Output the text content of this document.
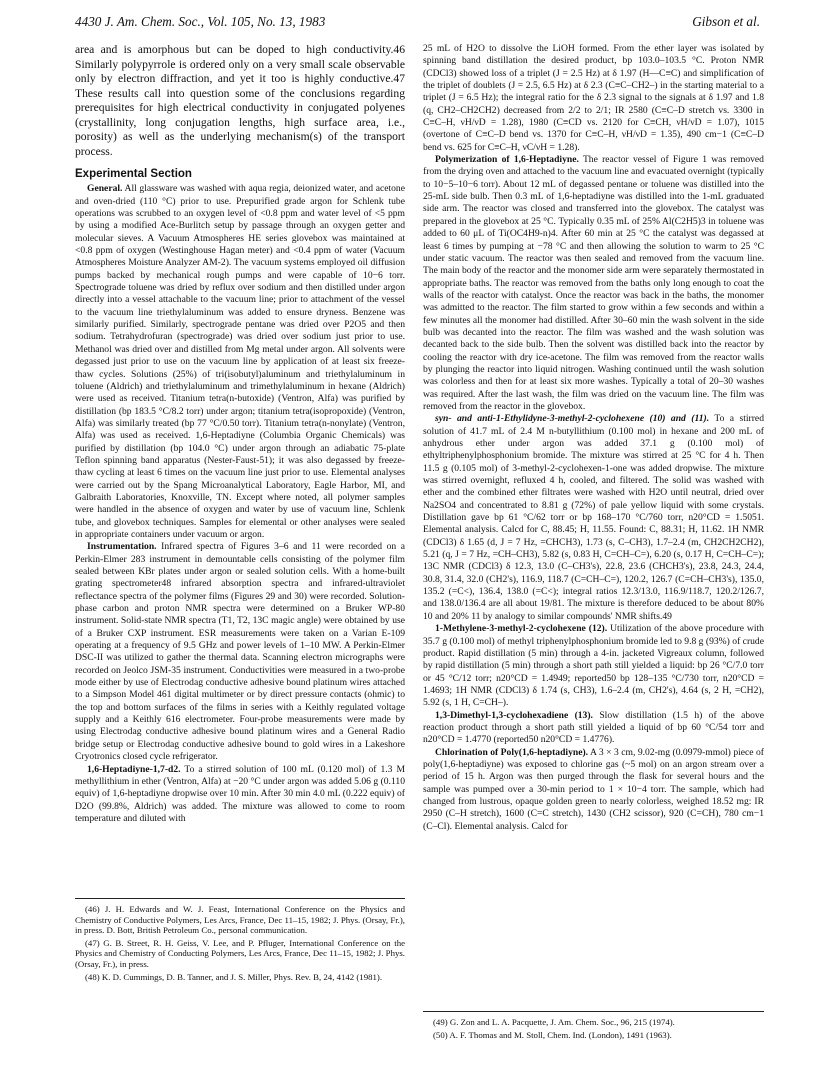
4430 J. Am. Chem. Soc., Vol. 105, No. 13, 1983	Gibson et al.

area and is amorphous but can be doped to high conductivity.46 Similarly polypyrrole is ordered only on a very small scale observable only by electron diffraction, and yet it too is highly conductive.47 These results call into question some of the conclusions regarding prerequisites for high electrical conductivity in conjugated polyenes (crystallinity, long conjugation lengths, high surface area, i.e., porosity) as well as the underlying mechanism(s) of the transport process.

Experimental Section

General. All glassware was washed with aqua regia, deionized water, and acetone and oven-dried (110 °C) prior to use. Prepurified grade argon for Schlenk tube operations was scrubbed to an oxygen level of <0.8 ppm and water level of <5 ppm by using a modified Ace-Burlitch setup by passage through an oxygen getter and molecular sieves. A Vacuum Atmospheres HE series glovebox was maintained at <0.8 ppm of oxygen (Westinghouse Hagan meter) and <0.4 ppm of water (Vacuum Atmospheres Moisture Analyzer AM-2). The vacuum systems employed oil diffusion pumps backed by mechanical rough pumps and were capable of 10−6 torr. Spectrograde toluene was dried by reflux over sodium and then distilled under argon directly into a vessel attachable to the vacuum line; prior to attachment of the vessel to the vacuum line triethylaluminum was added to ensure dryness. Benzene was similarly purified. Similarly, spectrograde pentane was dried over P2O5 and then sodium. Tetrahydrofuran (spectrograde) was dried over sodium just prior to use. Methanol was dried over and distilled from Mg metal under argon. All solvents were degassed just prior to use on the vacuum line by application of at least six freeze-thaw cycles. Solutions (25%) of tri(isobutyl)aluminum and triethylaluminum in toluene (Aldrich) and triethylaluminum and trimethylaluminum in hexane (Aldrich) were used as received. Titanium tetra(n-butoxide) (Ventron, Alfa) was purified by distillation (bp 183.5 °C/8.2 torr) under argon; titanium tetra(isopropoxide) (Ventron, Alfa) was similarly treated (bp 77 °C/0.50 torr). Titanium tetra(n-nonylate) (Ventron, Alfa) was used as received. 1,6-Heptadiyne (Columbia Organic Chemicals) was purified by distillation (bp 104.0 °C) under argon through an adiabatic 75-plate Teflon spinning band apparatus (Nester-Faust-51); it was also degassed by freeze-thaw cycling at least 6 times on the vacuum line just prior to use. Elemental analyses were carried out by the Spang Microanalytical Laboratory, Eagle Harbor, MI, and Galbraith Laboratories, Knoxville, TN. Except where noted, all polymer samples were handled in the absence of oxygen and water by use of vacuum line, Schlenk tube, and glovebox techniques. Samples for elemental or other analyses were sealed in appropriate containers under vacuum or argon.

Instrumentation. Infrared spectra of Figures 3–6 and 11 were recorded on a Perkin-Elmer 283 instrument in demountable cells consisting of the polymer film sealed between KBr plates under argon or sealed solution cells. With a home-built grating spectrometer48 infrared absorption spectra and infrared-ultraviolet reflectance spectra of the polymer films (Figures 29 and 30) were recorded. Solution-phase carbon and proton NMR spectra were determined on a Bruker WP-80 instrument. Solid-state NMR spectra (T1, T2, 13C magic angle) were obtained by use of a Bruker CXP instrument. ESR measurements were taken on a Varian E-109 operating at a frequency of 9.5 GHz and power levels of 1–10 MW. A Perkin-Elmer DSC-II was utilized to gather the thermal data. Scanning electron micrographs were recorded on Jeolco JSM-35 instrument. Conductivities were measured in a two-probe mode either by use of Electrodag conductive adhesive bound platinum wires attached to a Simpson Model 461 digital multimeter or by direct pressure contacts (ohmic) to the top and bottom surfaces of the films in series with a Keithly regulated voltage supply and a Keithly 616 electrometer. Four-probe measurements were made by using Electrodag conductive adhesive bound platinum wires and a General Radio bridge setup or Electrodag conductive adhesive bound to gold wires in a Lakeshore Cryotronics closed cycle refrigerator.

1,6-Heptadiyne-1,7-d2. To a stirred solution of 100 mL (0.120 mol) of 1.3 M methyllithium in ether (Ventron, Alfa) at −20 °C under argon was added 5.06 g (0.110 equiv) of 1,6-heptadiyne dropwise over 10 min. After 30 min 4.0 mL (0.222 equiv) of D2O (99.8%, Aldrich) was added. The mixture was allowed to come to room temperature and diluted with

25 mL of H2O to dissolve the LiOH formed. From the ether layer was isolated by spinning band distillation the desired product, bp 103.0–103.5 °C. Proton NMR (CDCl3) showed loss of a triplet (J = 2.5 Hz) at δ 1.97 (H—C≡C) and simplification of the triplet of doublets (J = 2.5, 6.5 Hz) at δ 2.3 (C≡C–CH2–) in the starting material to a triplet (J = 6.5 Hz); the integral ratio for the δ 2.3 signal to the signals at δ 1.97 and 1.8 (q, CH2–CH2CH2) decreased from 2/2 to 2/1; IR 2580 (C≡C–D stretch vs. 3300 in C≡C–H, νH/νD = 1.28), 1980 (C≡CD vs. 2120 for C≡CH, νH/νD = 1.07), 1015 (overtone of C≡C–D bend vs. 1370 for C≡C–H, νH/νD = 1.35), 490 cm−1 (C≡C–D bend vs. 625 for C≡C–H, νC/νH = 1.28).

Polymerization of 1,6-Heptadiyne. The reactor vessel of Figure 1 was removed from the drying oven and attached to the vacuum line and evacuated overnight (typically to 10−5–10−6 torr). About 12 mL of degassed pentane or toluene was distilled into the 25-mL side bulb. Then 0.3 mL of 1,6-heptadiyne was distilled into the 1-mL graduated side arm. The reactor was closed and transferred into the glovebox. The catalyst was prepared in the glovebox at 25 °C. Typically 0.35 mL of 25% Al(C2H5)3 in toluene was added to 60 μL of Ti(OC4H9-n)4. After 60 min at 25 °C the catalyst was degassed at least 6 times by pumping at −78 °C and then allowing the solution to warm to 25 °C under static vacuum. The reactor was then sealed and removed from the vacuum line. The main body of the reactor and the monomer side arm were separately thermostated in appropriate baths. The reactor was removed from the baths only long enough to coat the walls of the reactor with catalyst. Once the reactor was back in the baths, the monomer was admitted to the reactor. The film started to grow within a few seconds and within a few minutes all the monomer had distilled. After 30–60 min the wash solvent in the side bulb was decanted into the reactor. The film was washed and the wash solution was decanted back to the side bulb. Then the solvent was distilled back into the reactor by cooling the reactor with dry ice-acetone. The film was removed from the reactor walls by plunging the reactor into liquid nitrogen. Washing continued until the wash solution was colorless and then for at least six more washes. Typically a total of 20–30 washes was required. After the last wash, the film was dried on the vacuum line. The film was removed from the reactor in the glovebox.

syn- and anti-1-Ethylidyne-3-methyl-2-cyclohexene (10) and (11). To a stirred solution of 41.7 mL of 2.4 M n-butyllithium (0.100 mol) in hexane and 200 mL of anhydrous ether under argon was added 37.1 g (0.100 mol) of ethyltriphenylphosphonium bromide. The mixture was stirred at 25 °C for 4 h. Then 11.5 g (0.105 mol) of 3-methyl-2-cyclohexen-1-one was added dropwise. The mixture was stirred overnight, refluxed 4 h, cooled, and filtered. The solid was washed with ether and the combined ether filtrates were washed with H2O until neutral, dried over Na2SO4 and concentrated to 8.81 g (72%) of pale yellow liquid with some crystals. Distillation gave bp 61 °C/62 torr or bp 168–170 °C/760 torr, n20°CD = 1.5051. Elemental analysis. Calcd for C, 88.45; H, 11.55. Found: C, 88.31; H, 11.62. 1H NMR (CDCl3) δ 1.65 (d, J = 7 Hz, =CHCH3), 1.73 (s, C–CH3), 1.7–2.4 (m, CH2CH2CH2), 5.21 (q, J = 7 Hz, =CH–CH3), 5.82 (s, 0.83 H, C=CH–C=), 6.20 (s, 0.17 H, C=CH–C=); 13C NMR (CDCl3) δ 12.3, 13.0 (C–CH3's), 22.8, 23.6 (CHCH3's), 23.8, 24.3, 24.4, 30.8, 31.4, 32.0 (CH2's), 116.9, 118.7 (C=CH–C=), 120.2, 126.7 (C=CH–CH3's), 135.0, 135.2 (=C<), 136.4, 138.0 (=C<); integral ratios 12.3/13.0, 116.9/118.7, 120.2/126.7, and 138.0/136.4 are all about 19/81. The mixture is therefore deduced to be about 80% 10 and 20% 11 by analogy to similar compounds' NMR shifts.49

1-Methylene-3-methyl-2-cyclohexene (12). Utilization of the above procedure with 35.7 g (0.100 mol) of methyl triphenylphosphonium bromide led to 9.8 g (93%) of crude product. Rapid distillation (5 min) through a 4-in. jacketed Vigreaux column, followed by rapid distillation (5 min) through a short path still yielded a liquid: bp 26 °C/7.0 torr or 45 °C/12 torr; n20°CD = 1.4949; reported50 bp 128–135 °C/730 torr, n20°CD = 1.4693; 1H NMR (CDCl3) δ 1.74 (s, CH3), 1.6–2.4 (m, CH2's), 4.64 (s, 2 H, =CH2), 5.92 (s, 1 H, C=CH–).

1,3-Dimethyl-1,3-cyclohexadiene (13). Slow distillation (1.5 h) of the above reaction product through a short path still yielded a liquid of bp 60 °C/54 torr and n20°CD = 1.4770 (reported50 n20°CD = 1.4776).

Chlorination of Poly(1,6-heptadiyne). A 3 × 3 cm, 9.02-mg (0.0979-mmol) piece of poly(1,6-heptadiyne) was exposed to chlorine gas (~5 mol) on an argon stream over a period of 15 h. Argon was then purged through the flask for several hours and the sample was pumped over a 30-min period to 1 × 10−4 torr. The sample, which had changed from lustrous, opaque golden green to nearly colorless, weighed 18.52 mg: IR 2950 (C–H stretch), 1600 (C=C stretch), 1430 (CH2 scissor), 920 (C=CH), 780 cm−1 (C–Cl). Elemental analysis. Calcd for

(46) J. H. Edwards and W. J. Feast, International Conference on the Physics and Chemistry of Conductive Polymers, Les Arcs, France, Dec 11–15, 1982; J. Phys. (Orsay, Fr.), in press. D. Bott, British Petroleum Co., personal communication.

(47) G. B. Street, R. H. Geiss, V. Lee, and P. Pfluger, International Conference on the Physics and Chemistry of Conducting Polymers, Les Arcs, France, Dec 11–15, 1982; J. Phys. (Orsay, Fr.), in press.

(48) K. D. Cummings, D. B. Tanner, and J. S. Miller, Phys. Rev. B, 24, 4142 (1981).

(49) G. Zon and L. A. Pacquette, J. Am. Chem. Soc., 96, 215 (1974).

(50) A. F. Thomas and M. Stoll, Chem. Ind. (London), 1491 (1963).
